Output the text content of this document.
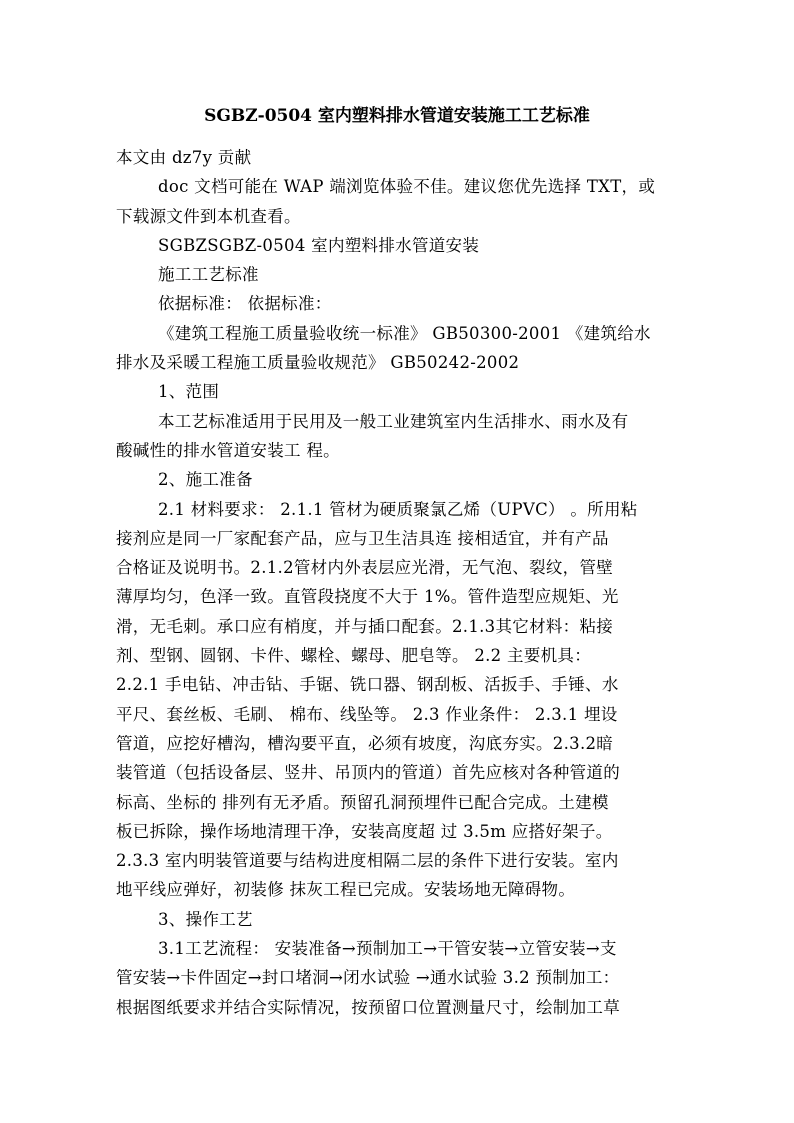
SGBZ-0504 室内塑料排水管道安装施工工艺标准
本文由 dz7y 贡献
doc 文档可能在 WAP 端浏览体验不佳。建议您优先选择 TXT，或
下载源文件到本机查看。
SGBZSGBZ-0504 室内塑料排水管道安装
施工工艺标准
依据标准： 依据标准：
《建筑工程施工质量验收统一标准》 GB50300-2001 《建筑给水
排水及采暖工程施工质量验收规范》 GB50242-2002
1、范围
本工艺标准适用于民用及一般工业建筑室内生活排水、雨水及有
酸碱性的排水管道安装工 程。
2、施工准备
2.1 材料要求： 2.1.1 管材为硬质聚氯乙烯（UPVC） 。所用粘
接剂应是同一厂家配套产品，应与卫生洁具连 接相适宜，并有产品
合格证及说明书。2.1.2管材内外表层应光滑，无气泡、裂纹，管壁
薄厚均匀，色泽一致。直管段挠度不大于 1%。管件造型应规矩、光
滑，无毛刺。承口应有梢度，并与插口配套。2.1.3其它材料：粘接
剂、型钢、圆钢、卡件、螺栓、螺母、肥皂等。 2.2 主要机具：
2.2.1 手电钻、冲击钻、手锯、铣口器、钢刮板、活扳手、手锤、水
平尺、套丝板、毛刷、 棉布、线坠等。 2.3 作业条件： 2.3.1 埋设
管道，应挖好槽沟，槽沟要平直，必须有坡度，沟底夯实。2.3.2暗
装管道（包括设备层、竖井、吊顶内的管道）首先应核对各种管道的
标高、坐标的 排列有无矛盾。预留孔洞预埋件已配合完成。土建模
板已拆除，操作场地清理干净，安装高度超 过 3.5m 应搭好架子。
2.3.3 室内明装管道要与结构进度相隔二层的条件下进行安装。室内
地平线应弹好，初装修 抹灰工程已完成。安装场地无障碍物。
3、操作工艺
3.1工艺流程： 安装准备→预制加工→干管安装→立管安装→支
管安装→卡件固定→封口堵洞→闭水试验 →通水试验 3.2 预制加工：
根据图纸要求并结合实际情况，按预留口位置测量尺寸，绘制加工草
